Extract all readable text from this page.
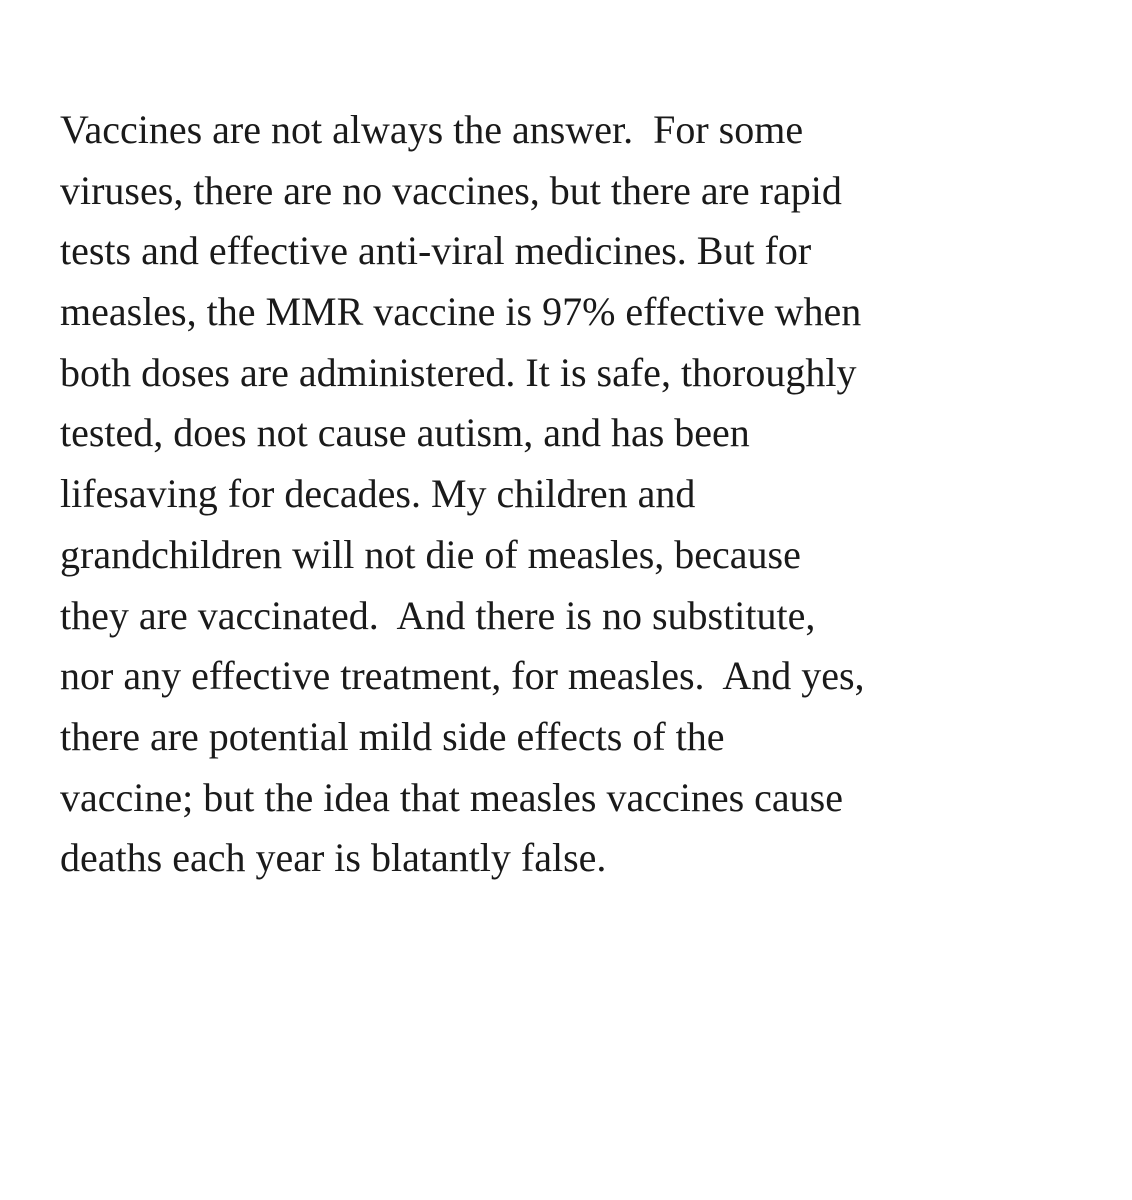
Vaccines are not always the answer.  For some

viruses, there are no vaccines, but there are rapid

tests and effective anti-viral medicines. But for

measles, the MMR vaccine is 97% effective when

both doses are administered. It is safe, thoroughly

tested, does not cause autism, and has been

lifesaving for decades. My children and

grandchildren will not die of measles, because

they are vaccinated.  And there is no substitute,

nor any effective treatment, for measles.  And yes,

there are potential mild side effects of the

vaccine; but the idea that measles vaccines cause

deaths each year is blatantly false.
